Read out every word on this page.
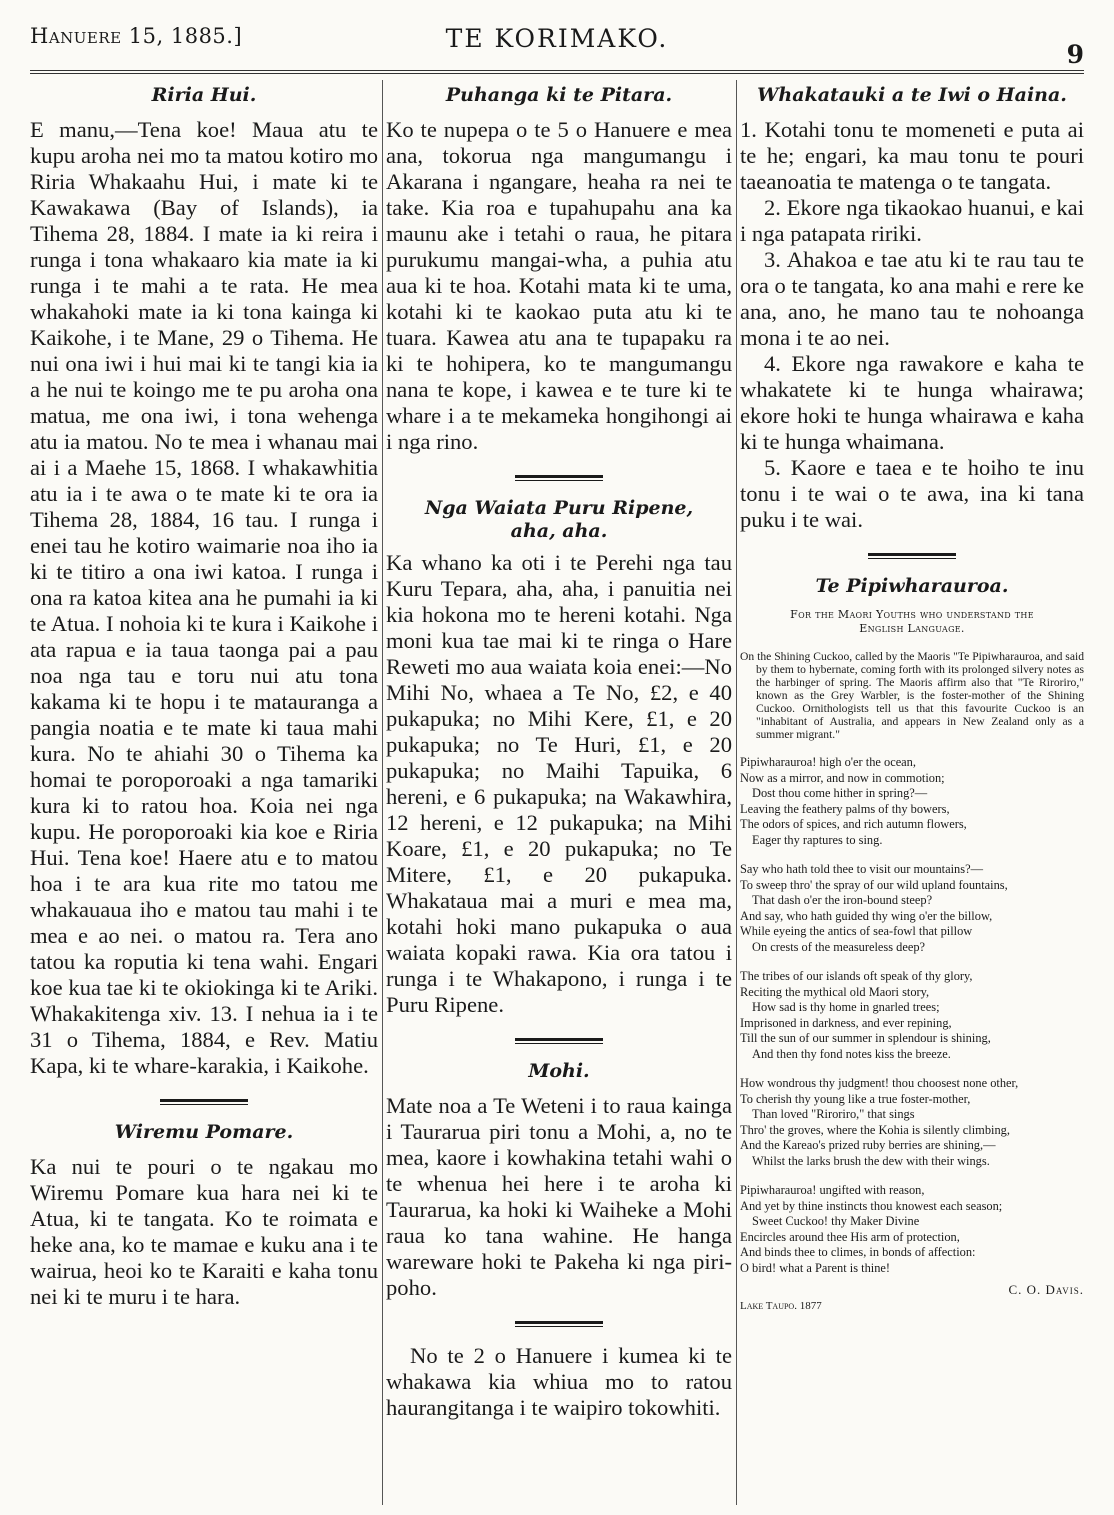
Hanuere 15, 1885.]	TE KORIMAKO.
9
Riria Hui.

E manu,—Tena koe! Maua atu te kupu aroha nei mo ta matou kotiro mo Riria Whakaahu Hui, i mate ki te Kawakawa (Bay of Islands), ia Tihema 28, 1884. I mate ia ki reira i runga i tona whakaaro kia mate ia ki runga i te mahi a te rata. He mea whakahoki mate ia ki tona kainga ki Kaikohe, i te Mane, 29 o Tihema. He nui ona iwi i hui mai ki te tangi kia ia a he nui te koingo me te pu aroha ona matua, me ona iwi, i tona wehenga atu ia matou. No te mea i whanau mai ai i a Maehe 15, 1868. I whakawhitia atu ia i te awa o te mate ki te ora ia Tihema 28, 1884, 16 tau. I runga i enei tau he kotiro waimarie noa iho ia ki te titiro a ona iwi katoa. I runga i ona ra katoa kitea ana he pumahi ia ki te Atua. I nohoia ki te kura i Kaikohe i ata rapua e ia taua taonga pai a pau noa nga tau e toru nui atu tona kakama ki te hopu i te matauranga a pangia noatia e te mate ki taua mahi kura. No te ahiahi 30 o Tihema ka homai te poroporoaki a nga tamariki kura ki to ratou hoa. Koia nei nga kupu. He poroporoaki kia koe e Riria Hui. Tena koe! Haere atu e to matou hoa i te ara kua rite mo tatou me whakauaua iho e matou tau mahi i te mea e ao nei. o matou ra. Tera ano tatou ka roputia ki tena wahi. Engari koe kua tae ki te okiokinga ki te Ariki. Whakakitenga xiv. 13. I nehua ia i te 31 o Tihema, 1884, e Rev. Matiu Kapa, ki te whare-karakia, i Kaikohe.

Wiremu Pomare.

Ka nui te pouri o te ngakau mo Wiremu Pomare kua hara nei ki te Atua, ki te tangata. Ko te roimata e heke ana, ko te mamae e kuku ana i te wairua, heoi ko te Karaiti e kaha tonu nei ki te muru i te hara.

Puhanga ki te Pitara.

Ko te nupepa o te 5 o Hanuere e mea ana, tokorua nga mangumangu i Akarana i ngangare, heaha ra nei te take. Kia roa e tupahupahu ana ka maunu ake i tetahi o raua, he pitara purukumu mangai-wha, a puhia atu aua ki te hoa. Kotahi mata ki te uma, kotahi ki te kaokao puta atu ki te tuara. Kawea atu ana te tupapaku ra ki te hohipera, ko te mangumangu nana te kope, i kawea e te ture ki te whare i a te mekameka hongihongi ai i nga rino.

Nga Waiata Puru Ripene,
aha, aha.

Ka whano ka oti i te Perehi nga tau Kuru Tepara, aha, aha, i panuitia nei kia hokona mo te hereni kotahi. Nga moni kua tae mai ki te ringa o Hare Reweti mo aua waiata koia enei:—No Mihi No, whaea a Te No, £2, e 40 pukapuka; no Mihi Kere, £1, e 20 pukapuka; no Te Huri, £1, e 20 pukapuka; no Maihi Tapuika, 6 hereni, e 6 pukapuka; na Wakawhira, 12 hereni, e 12 pukapuka; na Mihi Koare, £1, e 20 pukapuka; no Te Mitere, £1, e 20 pukapuka. Whakataua mai a muri e mea ma, kotahi hoki mano pukapuka o aua waiata kopaki rawa. Kia ora tatou i runga i te Whakapono, i runga i te Puru Ripene.

Mohi.

Mate noa a Te Weteni i to raua kainga i Taurarua piri tonu a Mohi, a, no te mea, kaore i kowhakina tetahi wahi o te whenua hei here i te aroha ki Taurarua, ka hoki ki Waiheke a Mohi raua ko tana wahine. He hanga wareware hoki te Pakeha ki nga piri-poho.

No te 2 o Hanuere i kumea ki te whakawa kia whiua mo to ratou haurangitanga i te waipiro tokowhiti.

Whakatauki a te Iwi o Haina.

1. Kotahi tonu te momeneti e puta ai te he; engari, ka mau tonu te pouri taeanoatia te matenga o te tangata.

2. Ekore nga tikaokao huanui, e kai i nga patapata ririki.

3. Ahakoa e tae atu ki te rau tau te ora o te tangata, ko ana mahi e rere ke ana, ano, he mano tau te nohoanga mona i te ao nei.

4. Ekore nga rawakore e kaha te whakatete ki te hunga whairawa; ekore hoki te hunga whairawa e kaha ki te hunga whaimana.

5. Kaore e taea e te hoiho te inu tonu i te wai o te awa, ina ki tana puku i te wai.

Te Pipiwharauroa.
For the Maori Youths who understand the
English Language.

On the Shining Cuckoo, called by the Maoris "Te Pipiwharauroa, and said by them to hybernate, coming forth with its prolonged silvery notes as the harbinger of spring. The Maoris affirm also that "Te Riroriro," known as the Grey Warbler, is the foster-mother of the Shining Cuckoo. Ornithologists tell us that this favourite Cuckoo is an "inhabitant of Australia, and appears in New Zealand only as a summer migrant."

Pipiwharauroa! high o'er the ocean,
Now as a mirror, and now in commotion;
Dost thou come hither in spring?—
Leaving the feathery palms of thy bowers,
The odors of spices, and rich autumn flowers,
Eager thy raptures to sing.
Say who hath told thee to visit our mountains?—
To sweep thro' the spray of our wild upland fountains,
That dash o'er the iron-bound steep?
And say, who hath guided thy wing o'er the billow,
While eyeing the antics of sea-fowl that pillow
On crests of the measureless deep?
The tribes of our islands oft speak of thy glory,
Reciting the mythical old Maori story,
How sad is thy home in gnarled trees;
Imprisoned in darkness, and ever repining,
Till the sun of our summer in splendour is shining,
And then thy fond notes kiss the breeze.
How wondrous thy judgment! thou choosest none other,
To cherish thy young like a true foster-mother,
Than loved "Riroriro," that sings
Thro' the groves, where the Kohia is silently climbing,
And the Kareao's prized ruby berries are shining,—
Whilst the larks brush the dew with their wings.
Pipiwharauroa! ungifted with reason,
And yet by thine instincts thou knowest each season;
Sweet Cuckoo! thy Maker Divine
Encircles around thee His arm of protection,
And binds thee to climes, in bonds of affection:
O bird! what a Parent is thine!
Lake Taupo. 1877
C. O. Davis.
